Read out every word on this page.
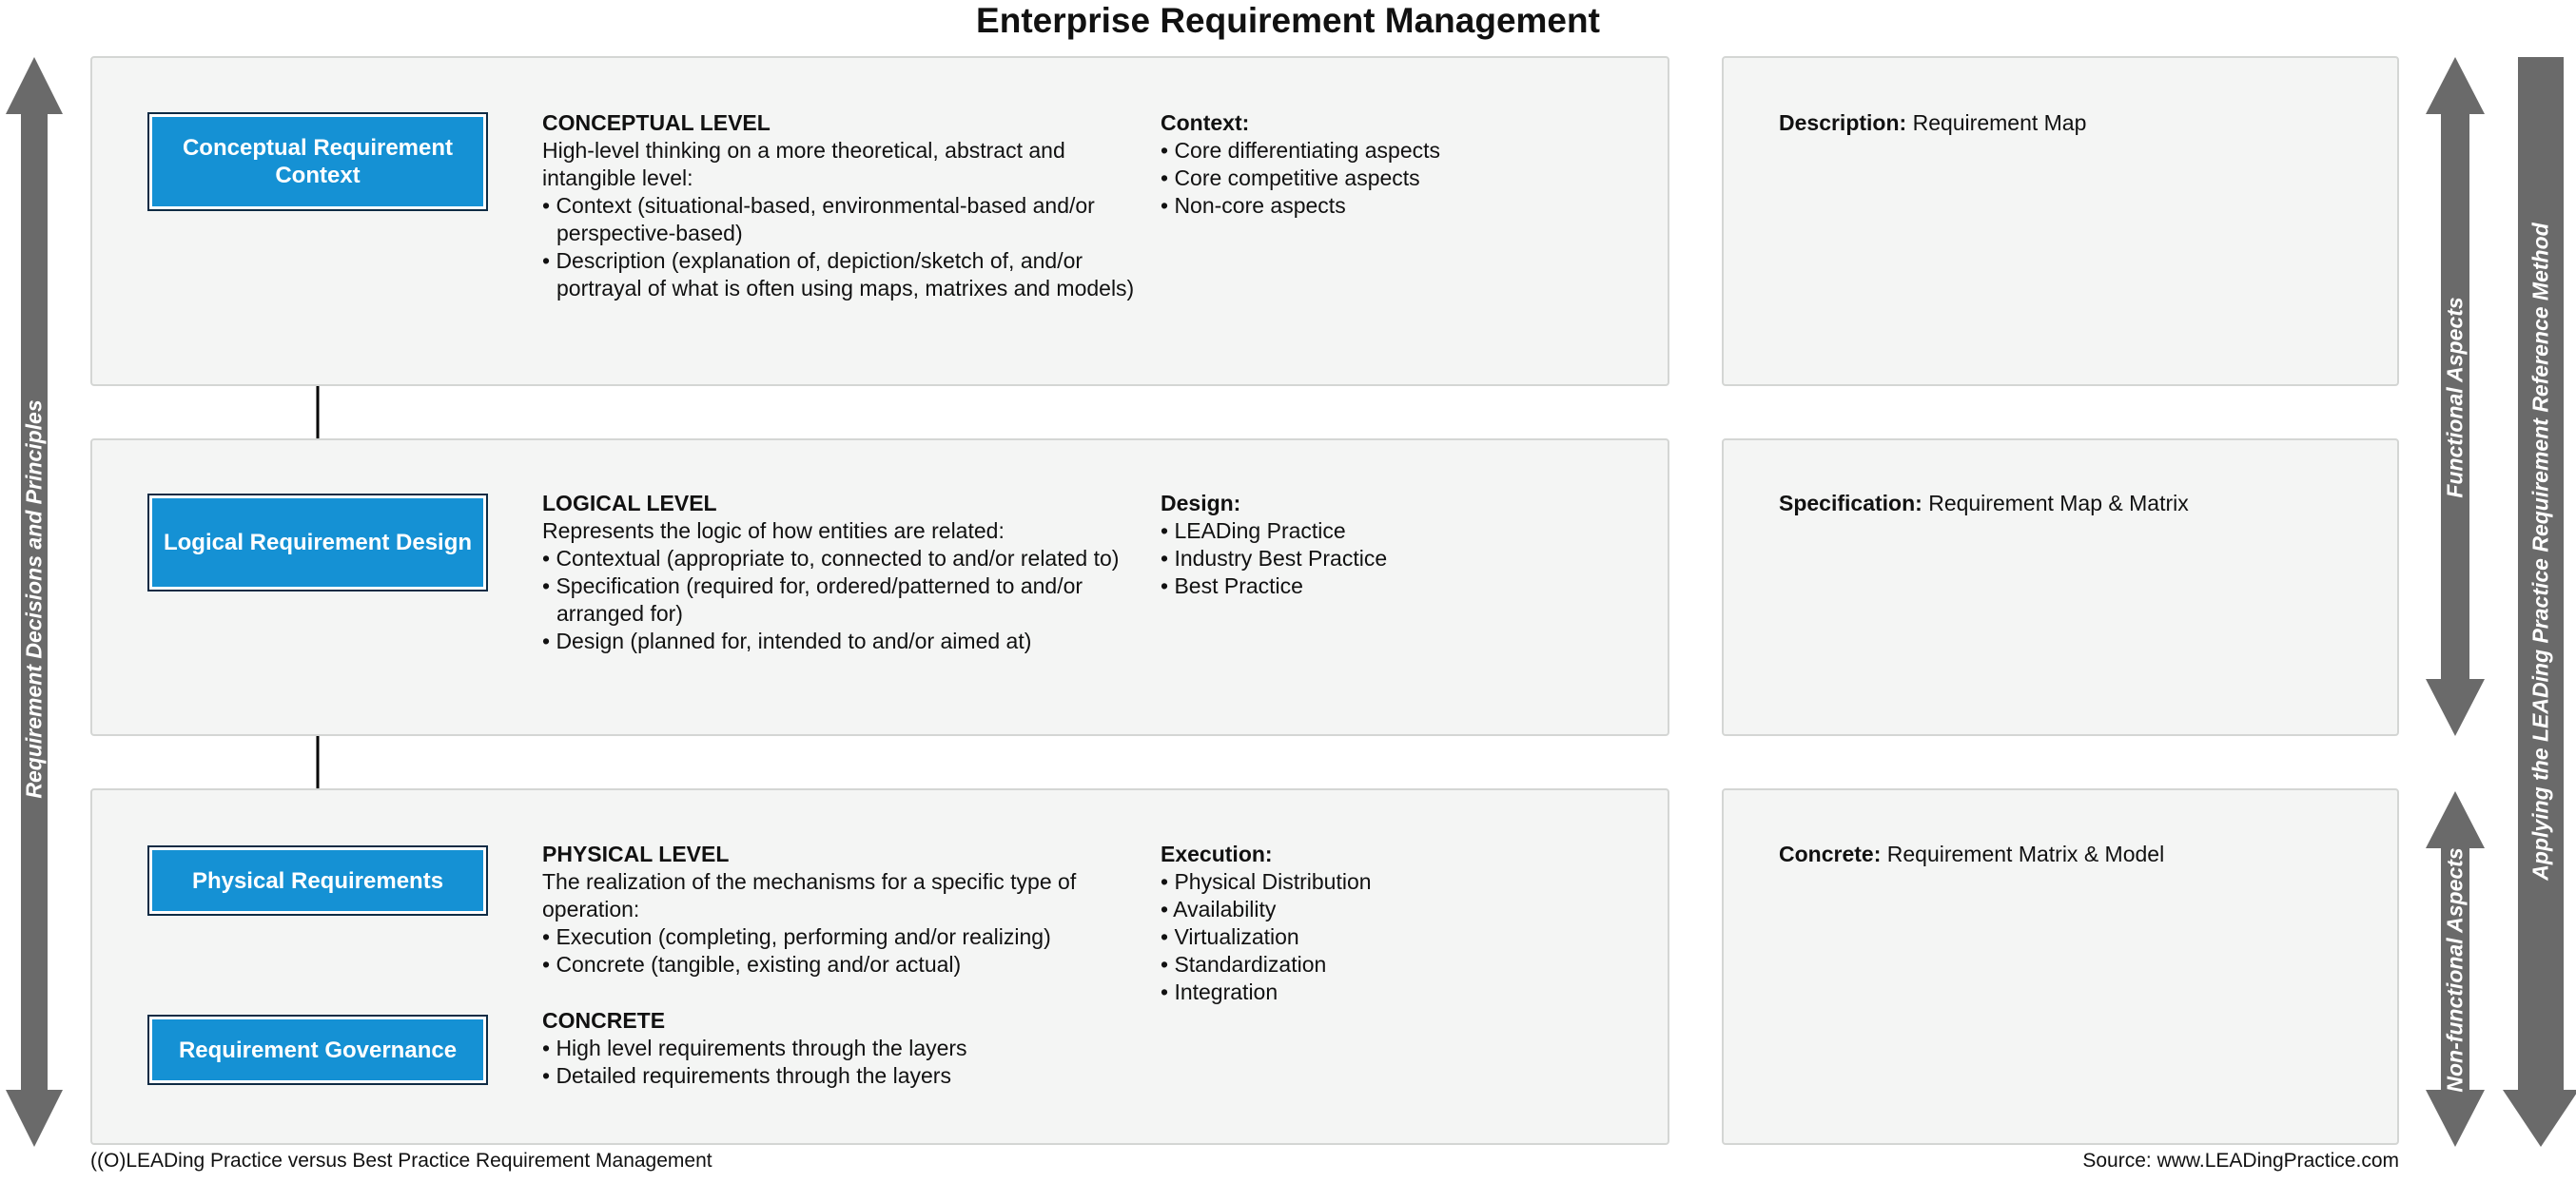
Enterprise Requirement Management
Requirement Decisions and Principles
Functional Aspects
Non-functional Aspects
Applying the LEADing Practice Requirement Reference Method
Conceptual Requirement Context
Logical Requirement Design
Physical Requirements
Requirement Governance
CONCEPTUAL LEVEL
High-level thinking on a more theoretical, abstract and intangible level:
• Context (situational-based, environmental-based and/or perspective-based)
• Description (explanation of, depiction/sketch of, and/or portrayal of what is often using maps, matrixes and models)
Context:
• Core differentiating aspects
• Core competitive aspects
• Non-core aspects
Description: Requirement Map
LOGICAL LEVEL
Represents the logic of how entities are related:
• Contextual (appropriate to, connected to and/or related to)
• Specification (required for, ordered/patterned to and/or arranged for)
• Design (planned for, intended to and/or aimed at)
Design:
• LEADing Practice
• Industry Best Practice
• Best Practice
Specification: Requirement Map & Matrix
PHYSICAL LEVEL
The realization of the mechanisms for a specific type of operation:
• Execution (completing, performing and/or realizing)
• Concrete (tangible, existing and/or actual)
CONCRETE
• High level requirements through the layers
• Detailed requirements through the layers
Execution:
• Physical Distribution
• Availability
• Virtualization
• Standardization
• Integration
Concrete: Requirement Matrix & Model
((O)LEADing Practice versus Best Practice Requirement Management	Source: www.LEADingPractice.com
